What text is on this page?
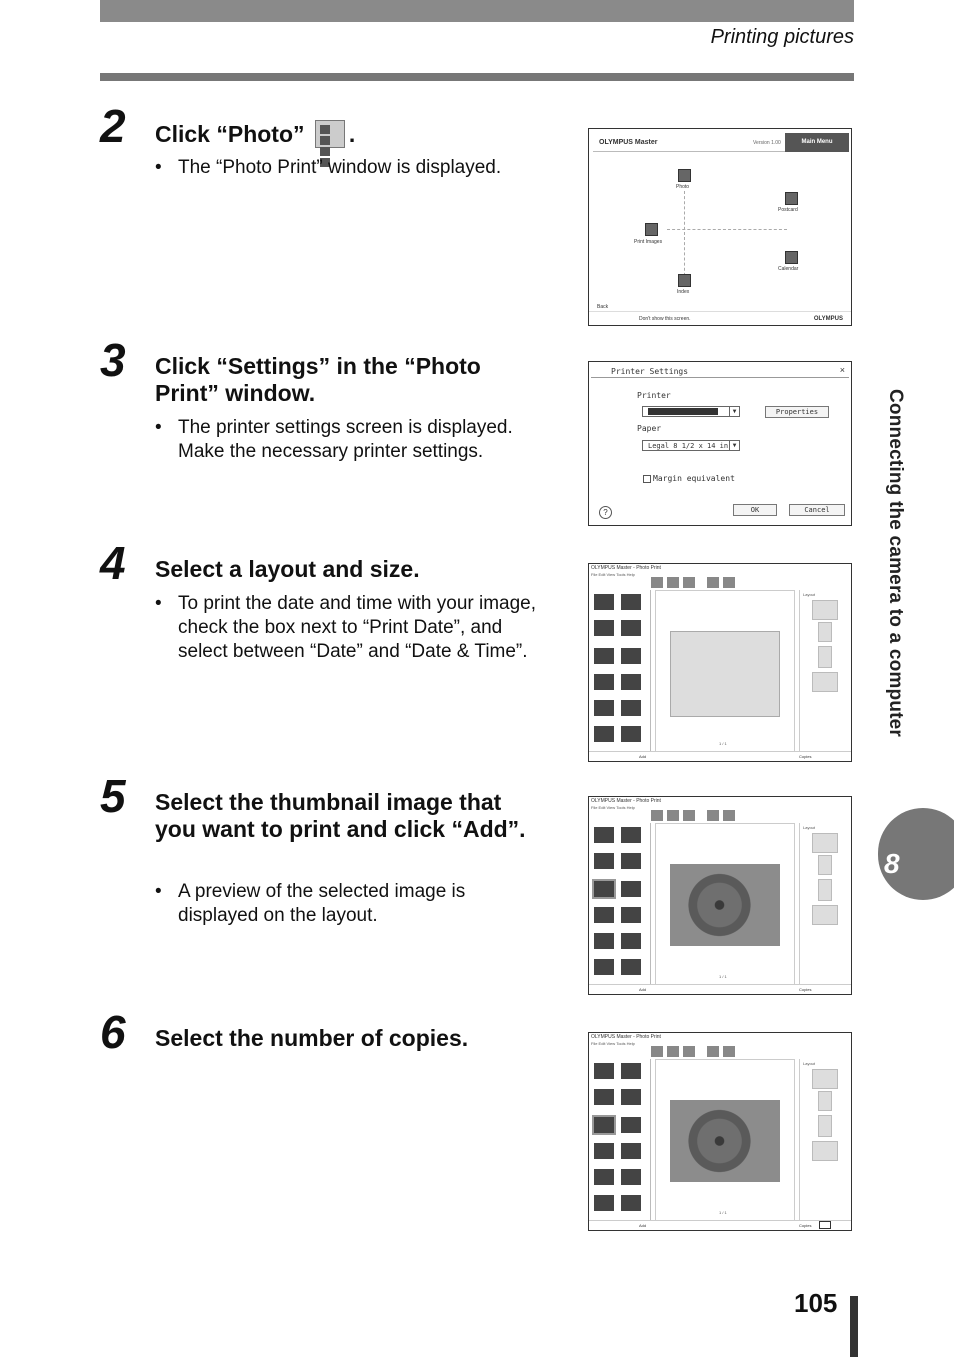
Printing pictures
2 Click “Photo” .
• The “Photo Print” window is displayed.
OLYMPUS Master	Version 1.00	Main Menu
Photo
Postcard
Print Images
Calendar
Index
Back
Don't show this screen.	OLYMPUS
3 Click “Settings” in the “Photo Print” window.
• The printer settings screen is displayed. Make the necessary printer settings.
Printer Settings	×
Printer
▼	Properties
Paper
Legal 8 1/2 x 14 in ▼
Margin equivalent
OK	Cancel
?
4 Select a layout and size.
• To print the date and time with your image, check the box next to “Print Date”, and select between “Date” and “Date & Time”.
OLYMPUS Master - Photo Print
File Edit View Tools Help
1 / 1
Layout
Add	Copies
5 Select the thumbnail image that you want to print and click “Add”.
• A preview of the selected image is displayed on the layout.
OLYMPUS Master - Photo Print
File Edit View Tools Help
1 / 1
Layout
Add	Copies
6 Select the number of copies.	OLYMPUS Master - Photo Print
File Edit View Tools Help
1 / 1
Layout
Add	Copies
Connecting the camera to a computer
8
105
